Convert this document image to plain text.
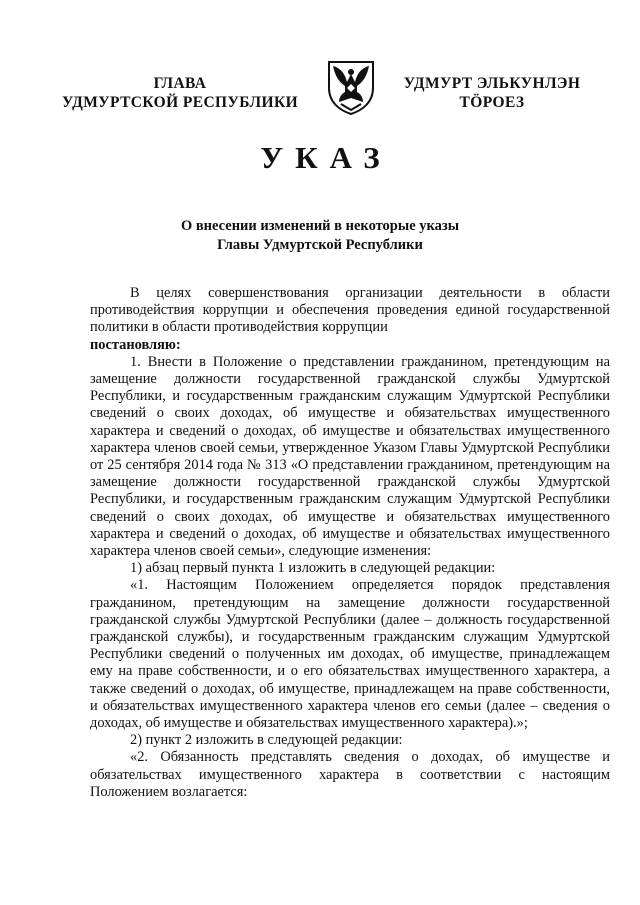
ГЛАВА
УДМУРТСКОЙ РЕСПУБЛИКИ
УДМУРТ ЭЛЬКУНЛЭН
ТӦРОЕЗ
УКАЗ
О внесении изменений в некоторые указы
Главы Удмуртской Республики

В целях совершенствования организации деятельности в области противодействия коррупции и обеспечения проведения единой государственной политики в области противодействия коррупции

постановляю:

1. Внести в Положение о представлении гражданином, претендующим на замещение должности государственной гражданской службы Удмуртской Республики, и государственным гражданским служащим Удмуртской Республики сведений о своих доходах, об имуществе и обязательствах имущественного характера и сведений о доходах, об имуществе и обязательствах имущественного характера членов своей семьи, утвержденное Указом Главы Удмуртской Республики от 25 сентября 2014 года № 313 «О представлении гражданином, претендующим на замещение должности государственной гражданской службы Удмуртской Республики, и государственным гражданским служащим Удмуртской Республики сведений о своих доходах, об имуществе и обязательствах имущественного характера и сведений о доходах, об имуществе и обязательствах имущественного характера членов своей семьи», следующие изменения:

1) абзац первый пункта 1 изложить в следующей редакции:

«1. Настоящим Положением определяется порядок представления гражданином, претендующим на замещение должности государственной гражданской службы Удмуртской Республики (далее – должность государственной гражданской службы), и государственным гражданским служащим Удмуртской Республики сведений о полученных им доходах, об имуществе, принадлежащем ему на праве собственности, и о его обязательствах имущественного характера, а также сведений о доходах, об имуществе, принадлежащем на праве собственности, и обязательствах имущественного характера членов его семьи (далее – сведения о доходах, об имуществе и обязательствах имущественного характера).»;

2) пункт 2 изложить в следующей редакции:

«2. Обязанность представлять сведения о доходах, об имуществе и обязательствах имущественного характера в соответствии с настоящим Положением возлагается:
